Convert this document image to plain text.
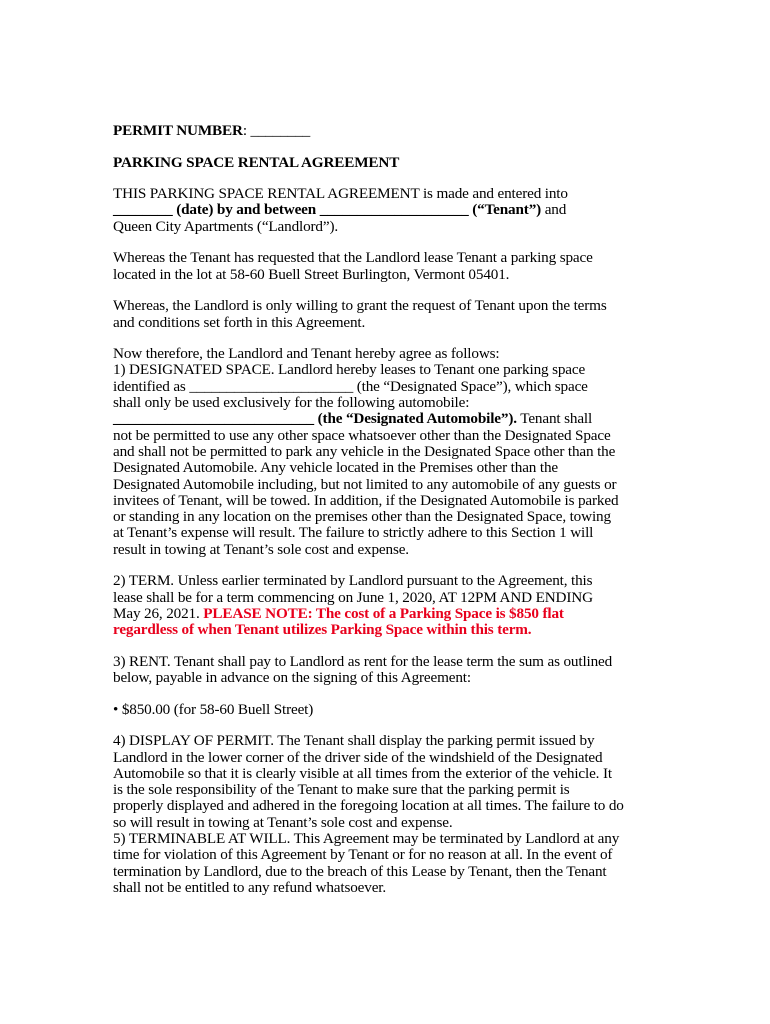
PERMIT NUMBER: ________

PARKING SPACE RENTAL AGREEMENT

THIS PARKING SPACE RENTAL AGREEMENT is made and entered into
________ (date) by and between ____________________ (“Tenant”) and
Queen City Apartments (“Landlord”).

Whereas the Tenant has requested that the Landlord lease Tenant a parking space
located in the lot at 58-60 Buell Street Burlington, Vermont 05401.

Whereas, the Landlord is only willing to grant the request of Tenant upon the terms
and conditions set forth in this Agreement.

Now therefore, the Landlord and Tenant hereby agree as follows:
1) DESIGNATED SPACE. Landlord hereby leases to Tenant one parking space
identified as ______________________ (the “Designated Space”), which space
shall only be used exclusively for the following automobile:
___________________________ (the “Designated Automobile”). Tenant shall
not be permitted to use any other space whatsoever other than the Designated Space
and shall not be permitted to park any vehicle in the Designated Space other than the
Designated Automobile. Any vehicle located in the Premises other than the
Designated Automobile including, but not limited to any automobile of any guests or
invitees of Tenant, will be towed. In addition, if the Designated Automobile is parked
or standing in any location on the premises other than the Designated Space, towing
at Tenant’s expense will result. The failure to strictly adhere to this Section 1 will
result in towing at Tenant’s sole cost and expense.

2) TERM. Unless earlier terminated by Landlord pursuant to the Agreement, this
lease shall be for a term commencing on June 1, 2020, AT 12PM AND ENDING
May 26, 2021. PLEASE NOTE: The cost of a Parking Space is $850 flat
regardless of when Tenant utilizes Parking Space within this term.

3) RENT. Tenant shall pay to Landlord as rent for the lease term the sum as outlined
below, payable in advance on the signing of this Agreement:

• $850.00 (for 58-60 Buell Street)

4) DISPLAY OF PERMIT. The Tenant shall display the parking permit issued by
Landlord in the lower corner of the driver side of the windshield of the Designated
Automobile so that it is clearly visible at all times from the exterior of the vehicle. It
is the sole responsibility of the Tenant to make sure that the parking permit is
properly displayed and adhered in the foregoing location at all times. The failure to do
so will result in towing at Tenant’s sole cost and expense.

5) TERMINABLE AT WILL. This Agreement may be terminated by Landlord at any
time for violation of this Agreement by Tenant or for no reason at all. In the event of
termination by Landlord, due to the breach of this Lease by Tenant, then the Tenant
shall not be entitled to any refund whatsoever.
